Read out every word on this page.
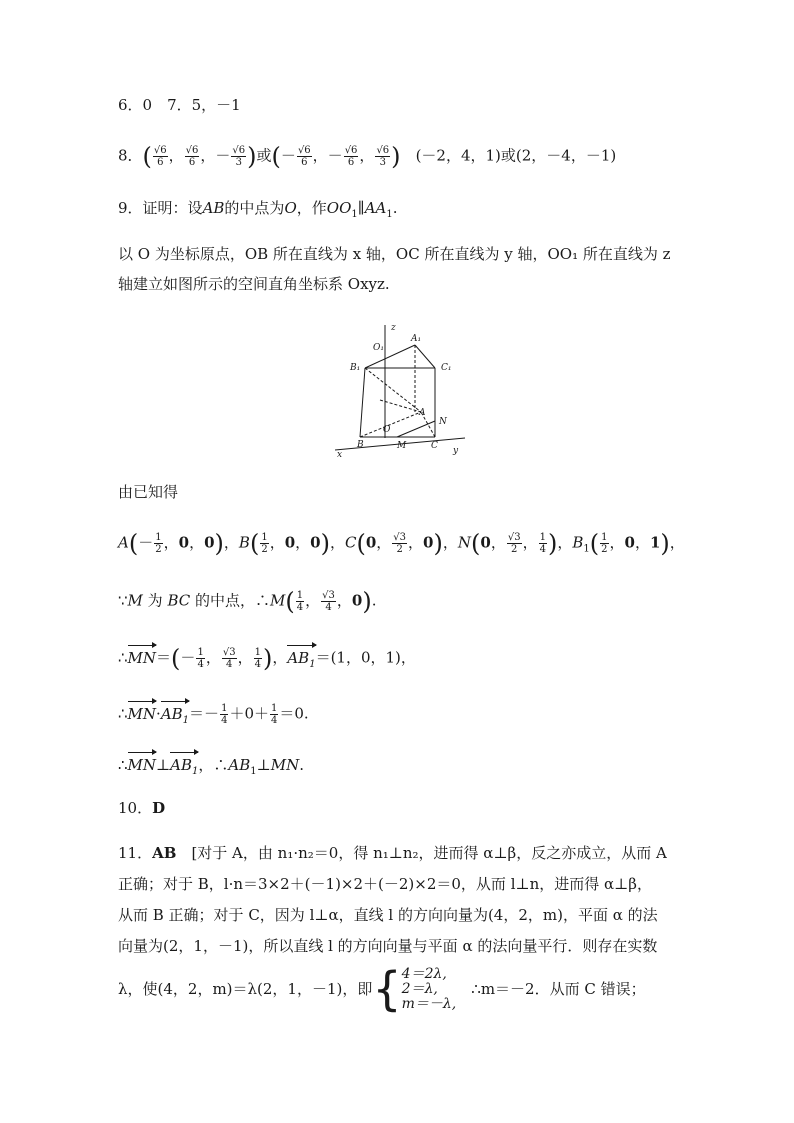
6．0　7．5，－1
8．( $\frac{√6}{6}$ ， $\frac{√6}{6}$ ，－ $\frac{√6}{3}$ )或(－ $\frac{√6}{6}$ ，－ $\frac{√6}{6}$ ， $\frac{√6}{3}$ )　 (－2，4，1)或(2，－4，－1)
9．证明：设AB的中点为O，作$OO_1\parallel AA_1$.
以 O 为坐标原点，OB 所在直线为 x 轴，OC 所在直线为 y 轴，OO₁ 所在直线为 z
轴建立如图所示的空间直角坐标系 Oxyz.
z
x	y
O₁
A₁
B₁	C₁
A
N
O
B	M	C
由已知得
$A(- \frac{1}{2}$ ，0，0)，$B( \frac{1}{2}$ ，0，0)，C(0， $\frac{√3}{2}$ ，0)，N(0， $\frac{√3}{2}$ ， $\frac{1}{4}$ )，$B_1( \frac{1}{2}$ ，0，1)，
∵M 为 BC 的中点，∴M( $\frac{1}{4}$ ， $\frac{√3}{4}$ ，0).
∴MN＝(－ $\frac{1}{4}$ ， $\frac{√3}{4}$ ， $\frac{1}{4}$ )，$AB_1=(1$，0，1)，
$\therefore MN\cdot AB_1=- \frac{1}{4} +0+ \frac{1}{4} =0$.
$\therefore MN\perp AB_1$，$\therefore AB_1\perp MN$.
10．D
11．AB　 [对于 A，由 n₁·n₂＝0，得 n₁⊥n₂，进而得 α⊥β，反之亦成立，从而 A
正确；对于 B，l·n＝3×2＋(－1)×2＋(－2)×2＝0，从而 l⊥n，进而得 α⊥β，
从而 B 正确；对于 C，因为 l⊥α，直线 l 的方向向量为(4，2，m)，平面 α 的法
向量为(2，1，－1)，所以直线 l 的方向向量与平面 α 的法向量平行．则存在实数
λ，使(4，2，m)＝λ(2，1，－1)，即{ 4＝2λ,
2＝λ,
m＝－λ,
　∴m＝－2．从而 C 错误；
